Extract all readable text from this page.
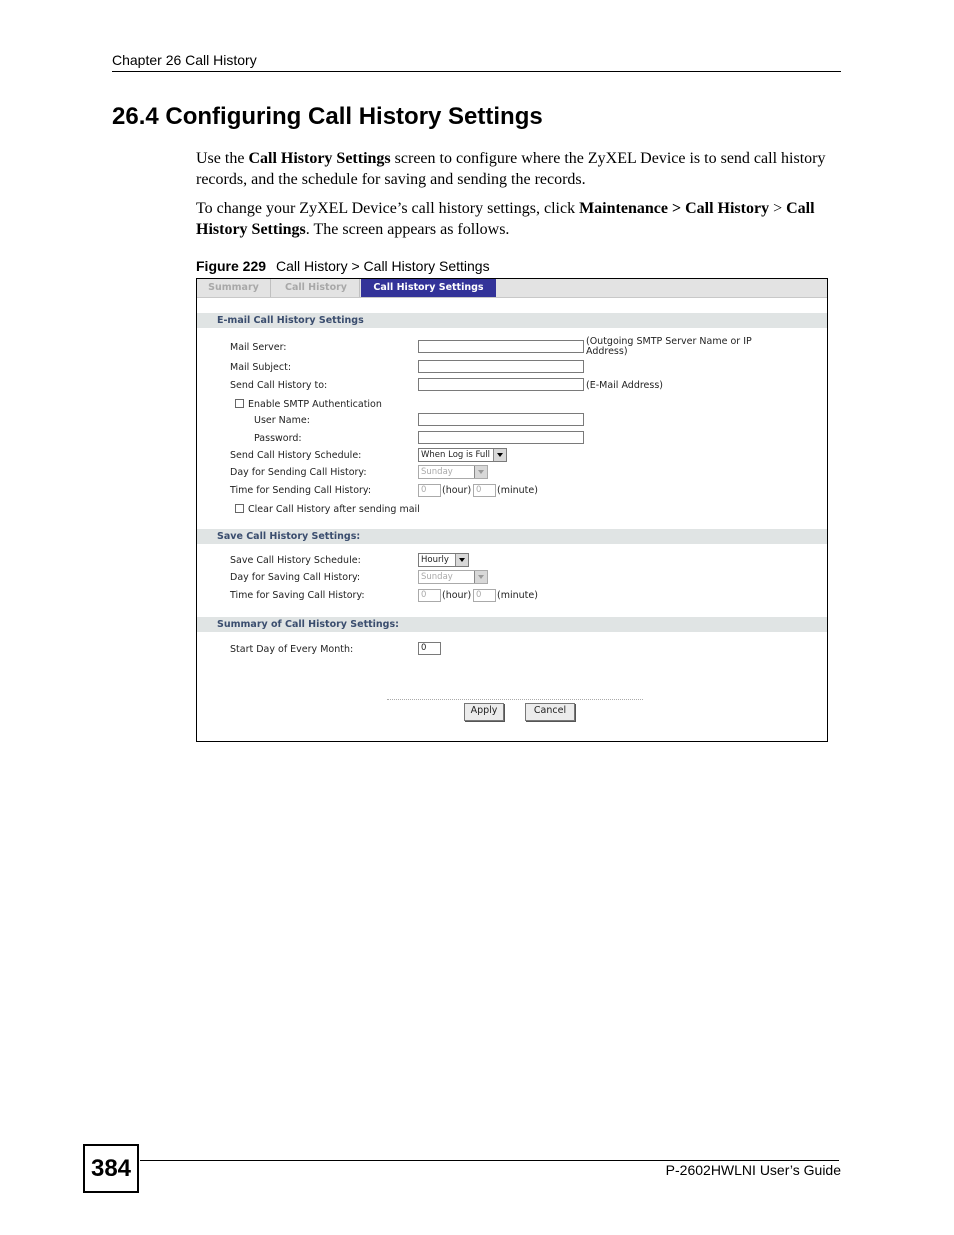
Chapter 26 Call History
26.4 Configuring Call History Settings
Use the Call History Settings screen to configure where the ZyXEL Device is to send call history records, and the schedule for saving and sending the records.
To change your ZyXEL Device’s call history settings, click Maintenance > Call History > Call History Settings. The screen appears as follows.
Figure 229 Call History > Call History Settings
Summary	Call History	Call History Settings
E-mail Call History Settings
Mail Server:
(Outgoing SMTP Server Name or IP Address)
Mail Subject:
Send Call History to:	(E-Mail Address)
Enable SMTP Authentication
User Name:
Password:
Send Call History Schedule:	When Log is Full
Day for Sending Call History:	Sunday
Time for Sending Call History:	0	(hour) 0	(minute)
Clear Call History after sending mail
Save Call History Settings:
Save Call History Schedule:	Hourly
Day for Saving Call History:	Sunday
Time for Saving Call History:	0	(hour) 0	(minute)
Summary of Call History Settings:
Start Day of Every Month:	0
Apply	Cancel
384	P-2602HWLNI User’s Guide
